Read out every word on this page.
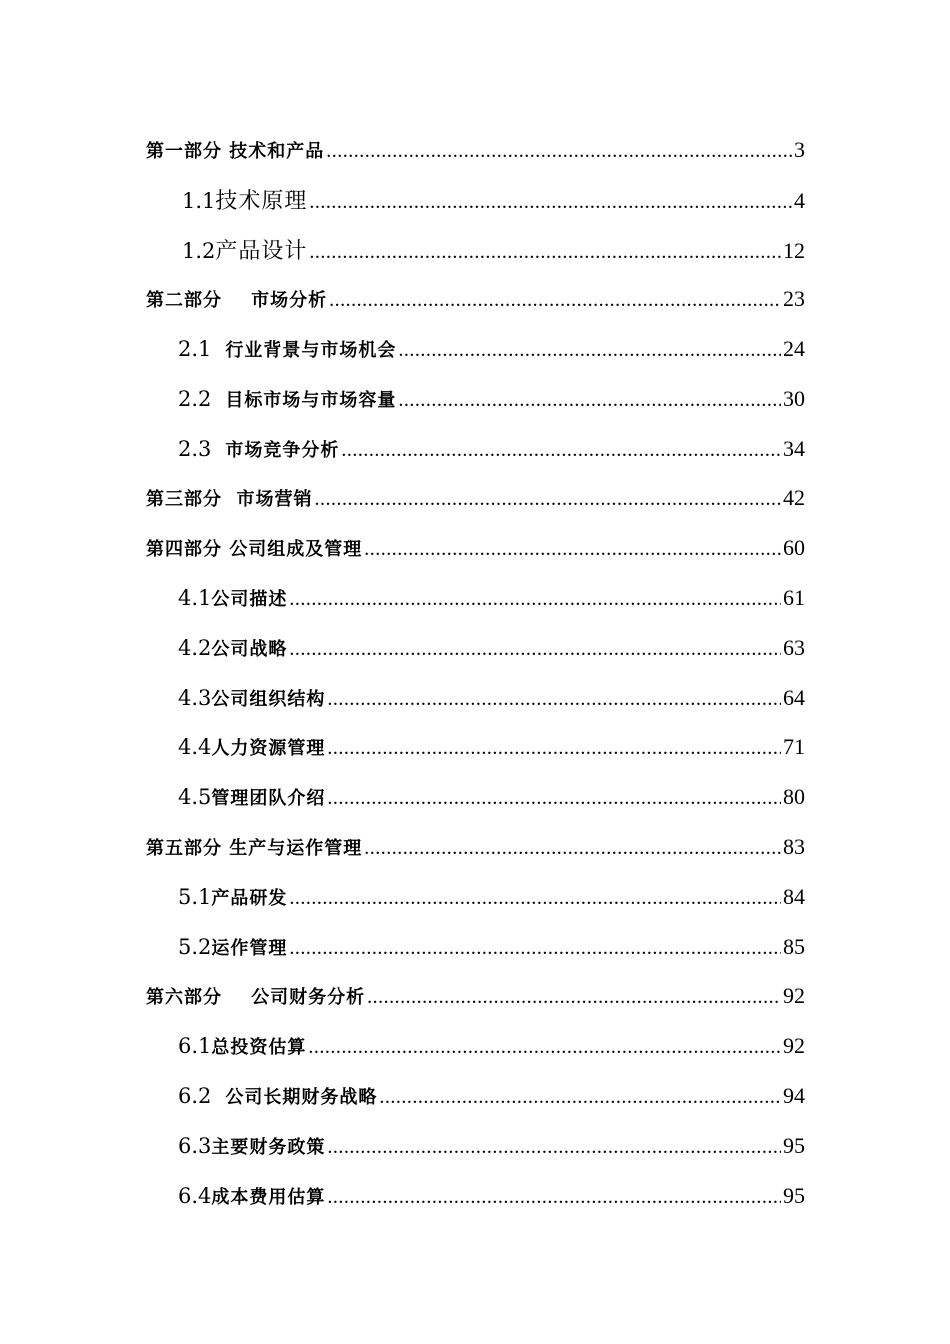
第一部分 技术和产品 .....	3
1.1 技术原理 .....	4
1.2 产品设计 .....	12
第二部分    市场分析 .....	23
2.1 行业背景与市场机会 .....	24
2.2 目标市场与市场容量 .....	30
2.3 市场竞争分析 .....	34
第三部分  市场营销 .....	42
第四部分 公司组成及管理 .....	60
4.1 公司描述 .....	61
4.2 公司战略 .....	63
4.3 公司组织结构 .....	64
4.4 人力资源管理 .....	71
4.5 管理团队介绍 .....	80
第五部分 生产与运作管理 .....	83
5.1 产品研发 .....	84
5.2 运作管理 .....	85
第六部分    公司财务分析 .....	92
6.1 总投资估算 .....	92
6.2 公司长期财务战略 .....	94
6.3 主要财务政策 .....	95
6.4 成本费用估算 .....	95
